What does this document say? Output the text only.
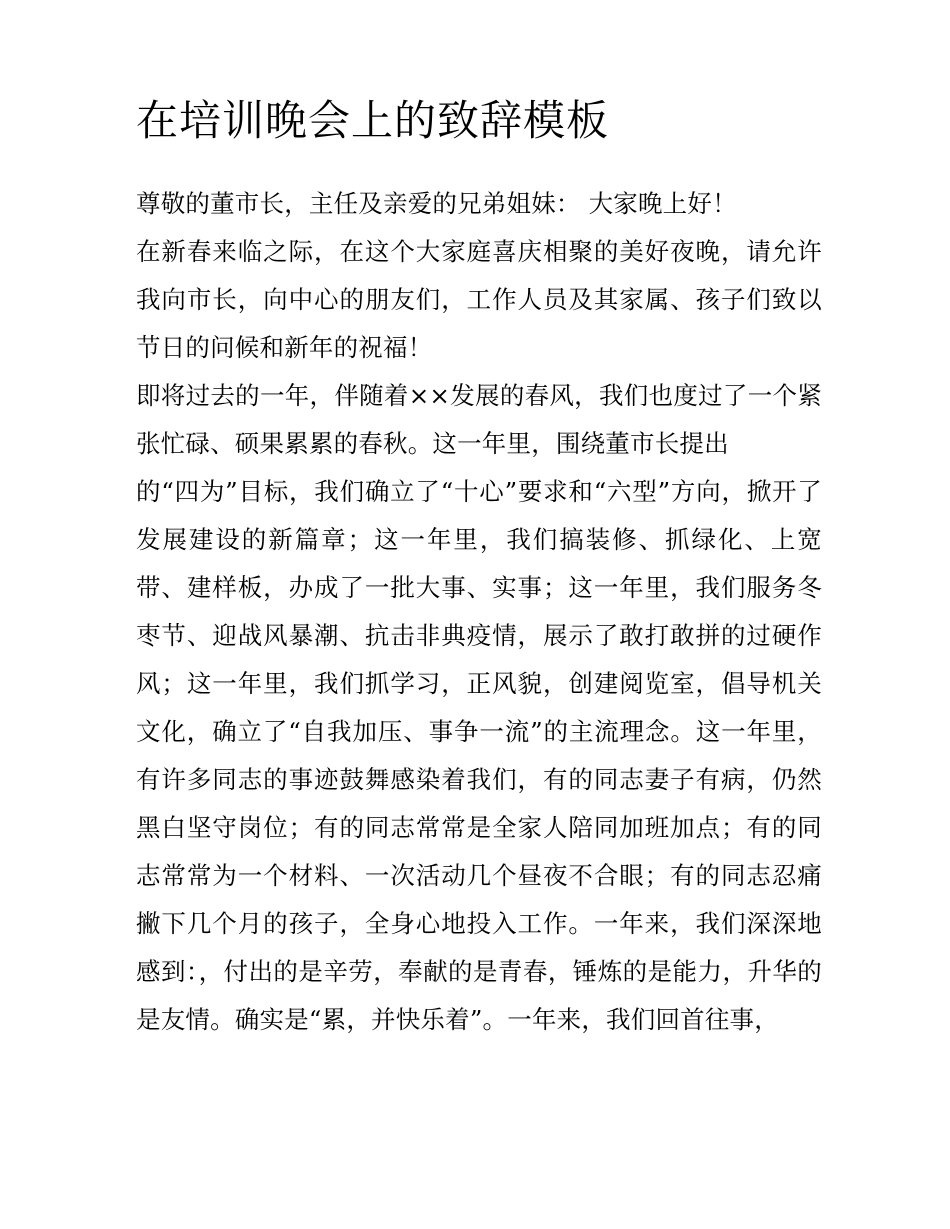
在培训晚会上的致辞模板

尊敬的董市长，主任及亲爱的兄弟姐妹： 大家晚上好！

在新春来临之际，在这个大家庭喜庆相聚的美好夜晚，请允许我向市长，向中心的朋友们，工作人员及其家属、孩子们致以节日的问候和新年的祝福！

即将过去的一年，伴随着××发展的春风，我们也度过了一个紧张忙碌、硕果累累的春秋。这一年里，围绕董市长提出

的“四为”目标，我们确立了“十心”要求和“六型”方向，掀开了发展建设的新篇章；这一年里，我们搞装修、抓绿化、上宽带、建样板，办成了一批大事、实事；这一年里，我们服务冬枣节、迎战风暴潮、抗击非典疫情，展示了敢打敢拼的过硬作风；这一年里，我们抓学习，正风貌，创建阅览室，倡导机关文化，确立了“自我加压、事争一流”的主流理念。这一年里，有许多同志的事迹鼓舞感染着我们，有的同志妻子有病，仍然黑白坚守岗位；有的同志常常是全家人陪同加班加点；有的同志常常为一个材料、一次活动几个昼夜不合眼；有的同志忍痛撇下几个月的孩子，全身心地投入工作。一年来，我们深深地感到：，付出的是辛劳，奉献的是青春，锤炼的是能力，升华的是友情。确实是“累，并快乐着”。一年来，我们回首往事，
